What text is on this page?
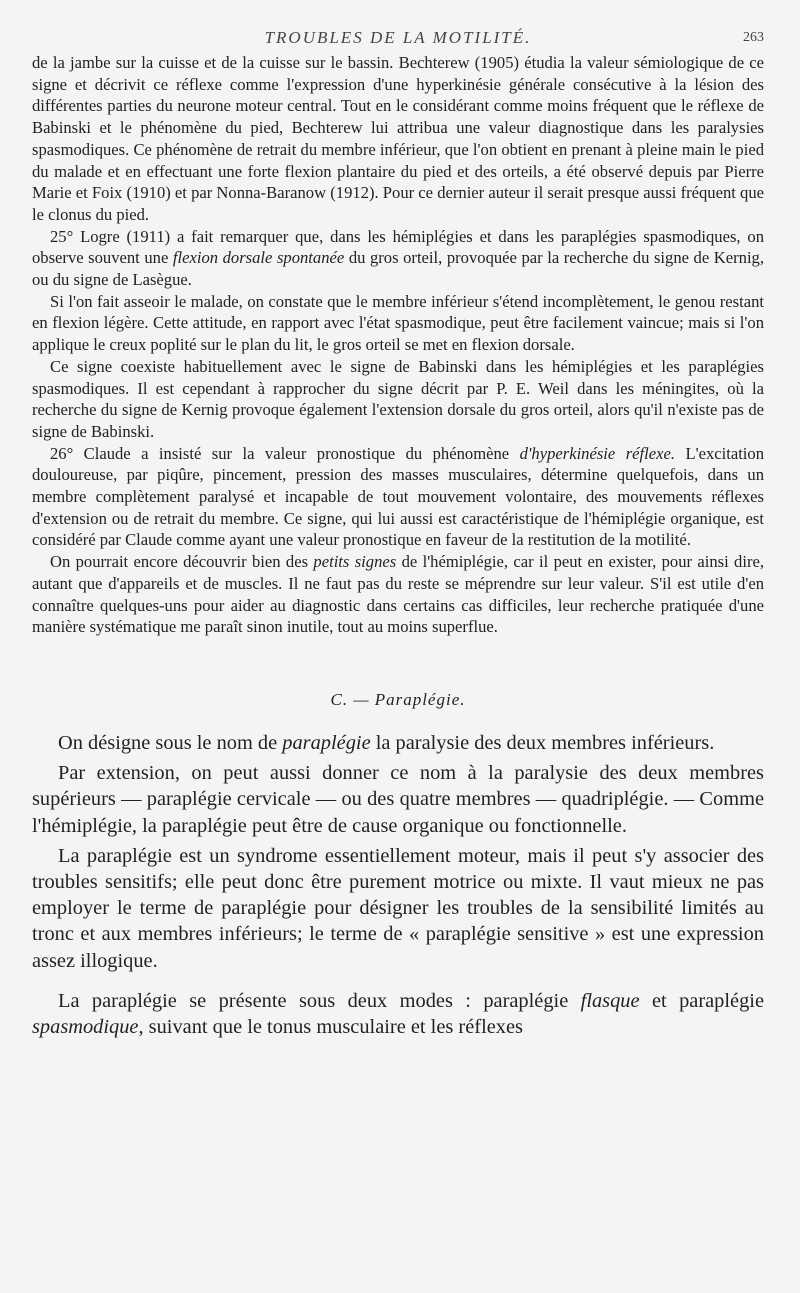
TROUBLES DE LA MOTILITÉ.	263

de la jambe sur la cuisse et de la cuisse sur le bassin. Bechterew (1905) étudia la valeur sémiologique de ce signe et décrivit ce réflexe comme l'expression d'une hyperkinésie générale consécutive à la lésion des différentes parties du neurone moteur central. Tout en le considérant comme moins fréquent que le réflexe de Babinski et le phénomène du pied, Bechterew lui attribua une valeur diagnostique dans les paralysies spasmodiques. Ce phénomène de retrait du membre inférieur, que l'on obtient en prenant à pleine main le pied du malade et en effectuant une forte flexion plantaire du pied et des orteils, a été observé depuis par Pierre Marie et Foix (1910) et par Nonna-Baranow (1912). Pour ce dernier auteur il serait presque aussi fréquent que le clonus du pied.

25° Logre (1911) a fait remarquer que, dans les hémiplégies et dans les paraplégies spasmodiques, on observe souvent une flexion dorsale spontanée du gros orteil, provoquée par la recherche du signe de Kernig, ou du signe de Lasègue.

Si l'on fait asseoir le malade, on constate que le membre inférieur s'étend incomplètement, le genou restant en flexion légère. Cette attitude, en rapport avec l'état spasmodique, peut être facilement vaincue; mais si l'on applique le creux poplité sur le plan du lit, le gros orteil se met en flexion dorsale.

Ce signe coexiste habituellement avec le signe de Babinski dans les hémiplégies et les paraplégies spasmodiques. Il est cependant à rapprocher du signe décrit par P. E. Weil dans les méningites, où la recherche du signe de Kernig provoque également l'extension dorsale du gros orteil, alors qu'il n'existe pas de signe de Babinski.

26° Claude a insisté sur la valeur pronostique du phénomène d'hyperkinésie réflexe. L'excitation douloureuse, par piqûre, pincement, pression des masses musculaires, détermine quelquefois, dans un membre complètement paralysé et incapable de tout mouvement volontaire, des mouvements réflexes d'extension ou de retrait du membre. Ce signe, qui lui aussi est caractéristique de l'hémiplégie organique, est considéré par Claude comme ayant une valeur pronostique en faveur de la restitution de la motilité.

On pourrait encore découvrir bien des petits signes de l'hémiplégie, car il peut en exister, pour ainsi dire, autant que d'appareils et de muscles. Il ne faut pas du reste se méprendre sur leur valeur. S'il est utile d'en connaître quelques-uns pour aider au diagnostic dans certains cas difficiles, leur recherche pratiquée d'une manière systématique me paraît sinon inutile, tout au moins superflue.

C. — Paraplégie.

On désigne sous le nom de paraplégie la paralysie des deux membres inférieurs.

Par extension, on peut aussi donner ce nom à la paralysie des deux membres supérieurs — paraplégie cervicale — ou des quatre membres — quadriplégie. — Comme l'hémiplégie, la paraplégie peut être de cause organique ou fonctionnelle.

La paraplégie est un syndrome essentiellement moteur, mais il peut s'y associer des troubles sensitifs; elle peut donc être purement motrice ou mixte. Il vaut mieux ne pas employer le terme de paraplégie pour désigner les troubles de la sensibilité limités au tronc et aux membres inférieurs; le terme de « paraplégie sensitive » est une expression assez illogique.

La paraplégie se présente sous deux modes : paraplégie flasque et paraplégie spasmodique, suivant que le tonus musculaire et les réflexes
